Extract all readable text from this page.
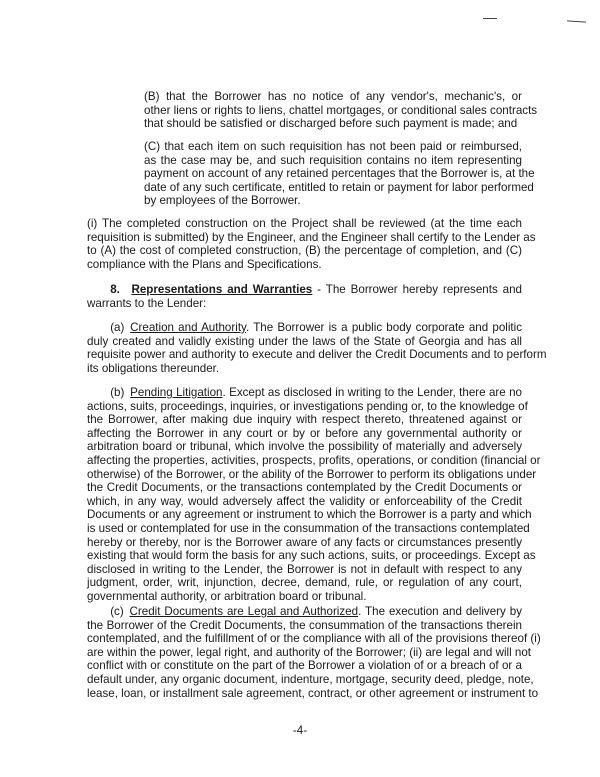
(B) that the Borrower has no notice of any vendor's, mechanic's, or
other liens or rights to liens, chattel mortgages, or conditional sales contracts
that should be satisfied or discharged before such payment is made; and

(C) that each item on such requisition has not been paid or reimbursed,
as the case may be, and such requisition contains no item representing
payment on account of any retained percentages that the Borrower is, at the
date of any such certificate, entitled to retain or payment for labor performed
by employees of the Borrower.

(i) The completed construction on the Project shall be reviewed (at the time each
requisition is submitted) by the Engineer, and the Engineer shall certify to the Lender as
to (A) the cost of completed construction, (B) the percentage of completion, and (C)
compliance with the Plans and Specifications.

  8.   Representations and Warranties - The Borrower hereby represents and
warrants to the Lender:

  (a)  Creation and Authority. The Borrower is a public body corporate and politic
duly created and validly existing under the laws of the State of Georgia and has all
requisite power and authority to execute and deliver the Credit Documents and to perform
its obligations thereunder.

  (b)  Pending Litigation. Except as disclosed in writing to the Lender, there are no
actions, suits, proceedings, inquiries, or investigations pending or, to the knowledge of
the Borrower, after making due inquiry with respect thereto, threatened against or
affecting the Borrower in any court or by or before any governmental authority or
arbitration board or tribunal, which involve the possibility of materially and adversely
affecting the properties, activities, prospects, profits, operations, or condition (financial or
otherwise) of the Borrower, or the ability of the Borrower to perform its obligations under
the Credit Documents, or the transactions contemplated by the Credit Documents or
which, in any way, would adversely affect the validity or enforceability of the Credit
Documents or any agreement or instrument to which the Borrower is a party and which
is used or contemplated for use in the consummation of the transactions contemplated
hereby or thereby, nor is the Borrower aware of any facts or circumstances presently
existing that would form the basis for any such actions, suits, or proceedings. Except as
disclosed in writing to the Lender, the Borrower is not in default with respect to any
judgment, order, writ, injunction, decree, demand, rule, or regulation of any court,
governmental authority, or arbitration board or tribunal.

  (c)  Credit Documents are Legal and Authorized. The execution and delivery by
the Borrower of the Credit Documents, the consummation of the transactions therein
contemplated, and the fulfillment of or the compliance with all of the provisions thereof (i)
are within the power, legal right, and authority of the Borrower; (ii) are legal and will not
conflict with or constitute on the part of the Borrower a violation of or a breach of or a
default under, any organic document, indenture, mortgage, security deed, pledge, note,
lease, loan, or installment sale agreement, contract, or other agreement or instrument to

-4-
